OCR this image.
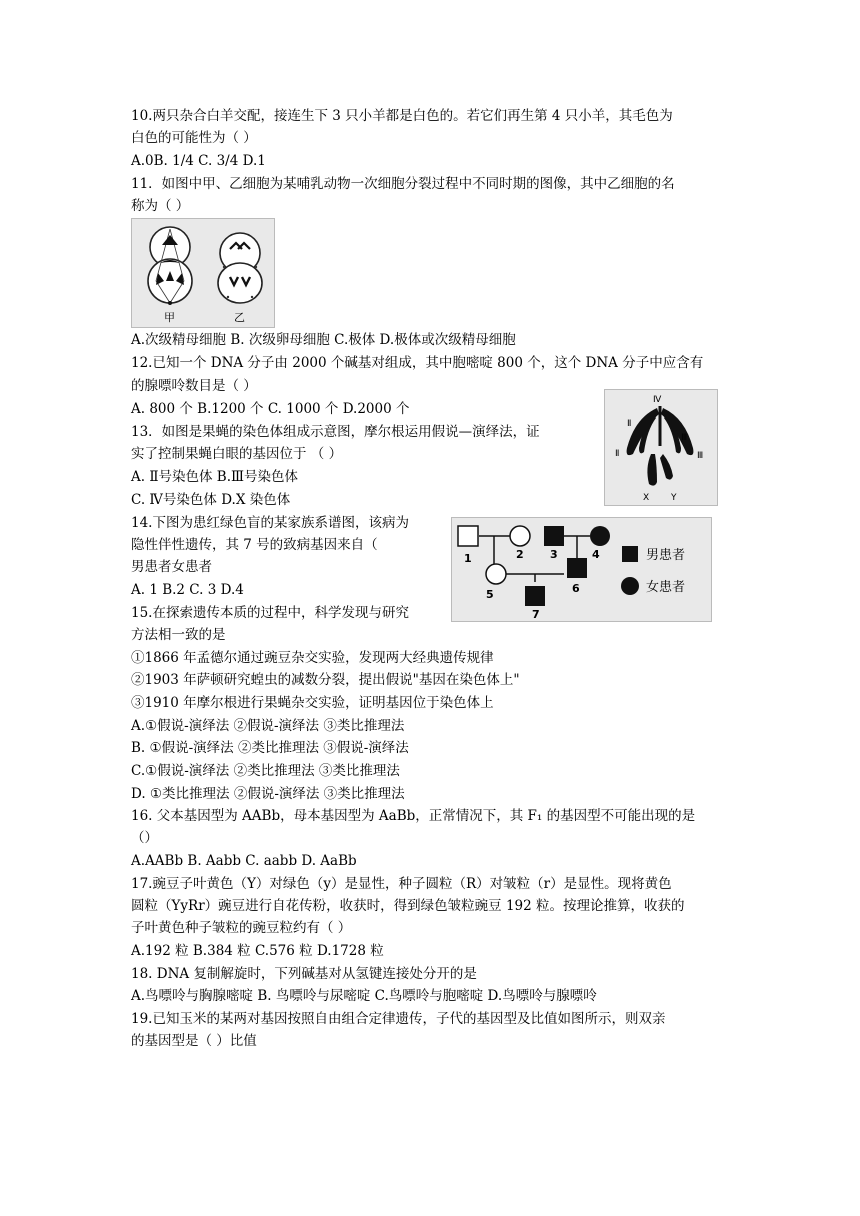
10.两只杂合白羊交配，接连生下 3 只小羊都是白色的。若它们再生第 4 只小羊，其毛色为
白色的可能性为（ ）
A.0B. 1/4 C. 3/4 D.1
11．如图中甲、乙细胞为某哺乳动物一次细胞分裂过程中不同时期的图像，其中乙细胞的名
称为（ ）
甲	乙
A.次级精母细胞 B. 次级卵母细胞 C.极体 D.极体或次级精母细胞
12.已知一个 DNA 分子由 2000 个碱基对组成，其中胞嘧啶 800 个，这个 DNA 分子中应含有
的腺嘌呤数目是（ ）
A. 800 个 B.1200 个 C. 1000 个 D.2000 个
13．如图是果蝇的染色体组成示意图，摩尔根运用假说—演绎法，证
实了控制果蝇白眼的基因位于 （ ）
A. Ⅱ号染色体 B.Ⅲ号染色体
C. Ⅳ号染色体 D.X 染色体
Ⅳ
Ⅲ
Ⅲ
Ⅱ
Ⅱ
X Y
14.下图为患红绿色盲的某家族系谱图，该病为
隐性伴性遗传，其 7 号的致病基因来自（
男患者女患者
A. 1 B.2 C. 3 D.4
1	2 3	4
5	6
7
男患者
女患者
15.在探索遗传本质的过程中，科学发现与研究
方法相一致的是
①1866 年孟德尔通过豌豆杂交实验，发现两大经典遗传规律
②1903 年萨顿研究蝗虫的减数分裂，提出假说"基因在染色体上"
③1910 年摩尔根进行果蝇杂交实验，证明基因位于染色体上
A.①假说-演绎法 ②假说-演绎法 ③类比推理法
B. ①假说-演绎法 ②类比推理法 ③假说-演绎法
C.①假说-演绎法 ②类比推理法 ③类比推理法
D. ①类比推理法 ②假说-演绎法 ③类比推理法
16. 父本基因型为 AABb，母本基因型为 AaBb，正常情况下，其 F₁ 的基因型不可能出现的是
（）
A.AABb B. Aabb C. aabb D. AaBb
17.豌豆子叶黄色（Y）对绿色（y）是显性，种子圆粒（R）对皱粒（r）是显性。现将黄色
圆粒（YyRr）豌豆进行自花传粉，收获时，得到绿色皱粒豌豆 192 粒。按理论推算，收获的
子叶黄色种子皱粒的豌豆粒约有（ ）
A.192 粒 B.384 粒 C.576 粒 D.1728 粒
18. DNA 复制解旋时，下列碱基对从氢键连接处分开的是
A.鸟嘌呤与胸腺嘧啶 B. 鸟嘌呤与尿嘧啶 C.鸟嘌呤与胞嘧啶 D.鸟嘌呤与腺嘌呤
19.已知玉米的某两对基因按照自由组合定律遗传，子代的基因型及比值如图所示，则双亲
的基因型是（ ）比值
